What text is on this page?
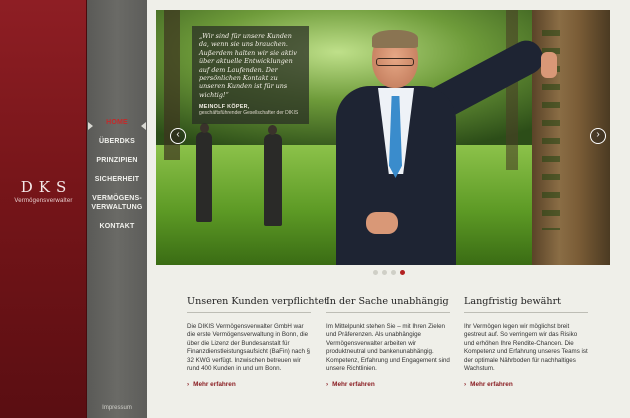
DKS
Vermögensverwalter
HOME
ÜBERDKS
PRINZIPIEN
SICHERHEIT
VERMÖGENS-VERWALTUNG
KONTAKT
Impressum
„Wir sind für unsere Kunden da, wenn sie uns brauchen. Außerdem halten wir sie aktiv über aktuelle Entwicklungen auf dem Laufenden. Der persönlichen Kontakt zu unseren Kunden ist für uns wichtig!“
MEINOLF KÖPER,
geschäftsführender Gesellschafter der DIKIS
‹	›
Unseren Kunden verpflichtet

Die DIKIS Vermögensverwalter GmbH war die erste Vermögensverwaltung in Bonn, die über die Lizenz der Bundesanstalt für Finanzdienstleistungsaufsicht (BaFin) nach § 32 KWG verfügt. Inzwischen betreuen wir rund 400 Kunden in und um Bonn.

› Mehr erfahren
In der Sache unabhängig

Im Mittelpunkt stehen Sie – mit Ihren Zielen und Präferenzen. Als unabhängige Vermögensverwalter arbeiten wir produktneutral und bankenunabhängig. Kompetenz, Erfahrung und Engagement sind unsere Richtlinien.

› Mehr erfahren
Langfristig bewährt

Ihr Vermögen legen wir möglichst breit gestreut auf. So verringern wir das Risiko und erhöhen Ihre Rendite-Chancen. Die Kompetenz und Erfahrung unseres Teams ist der optimale Nährboden für nachhaltiges Wachstum.

› Mehr erfahren
